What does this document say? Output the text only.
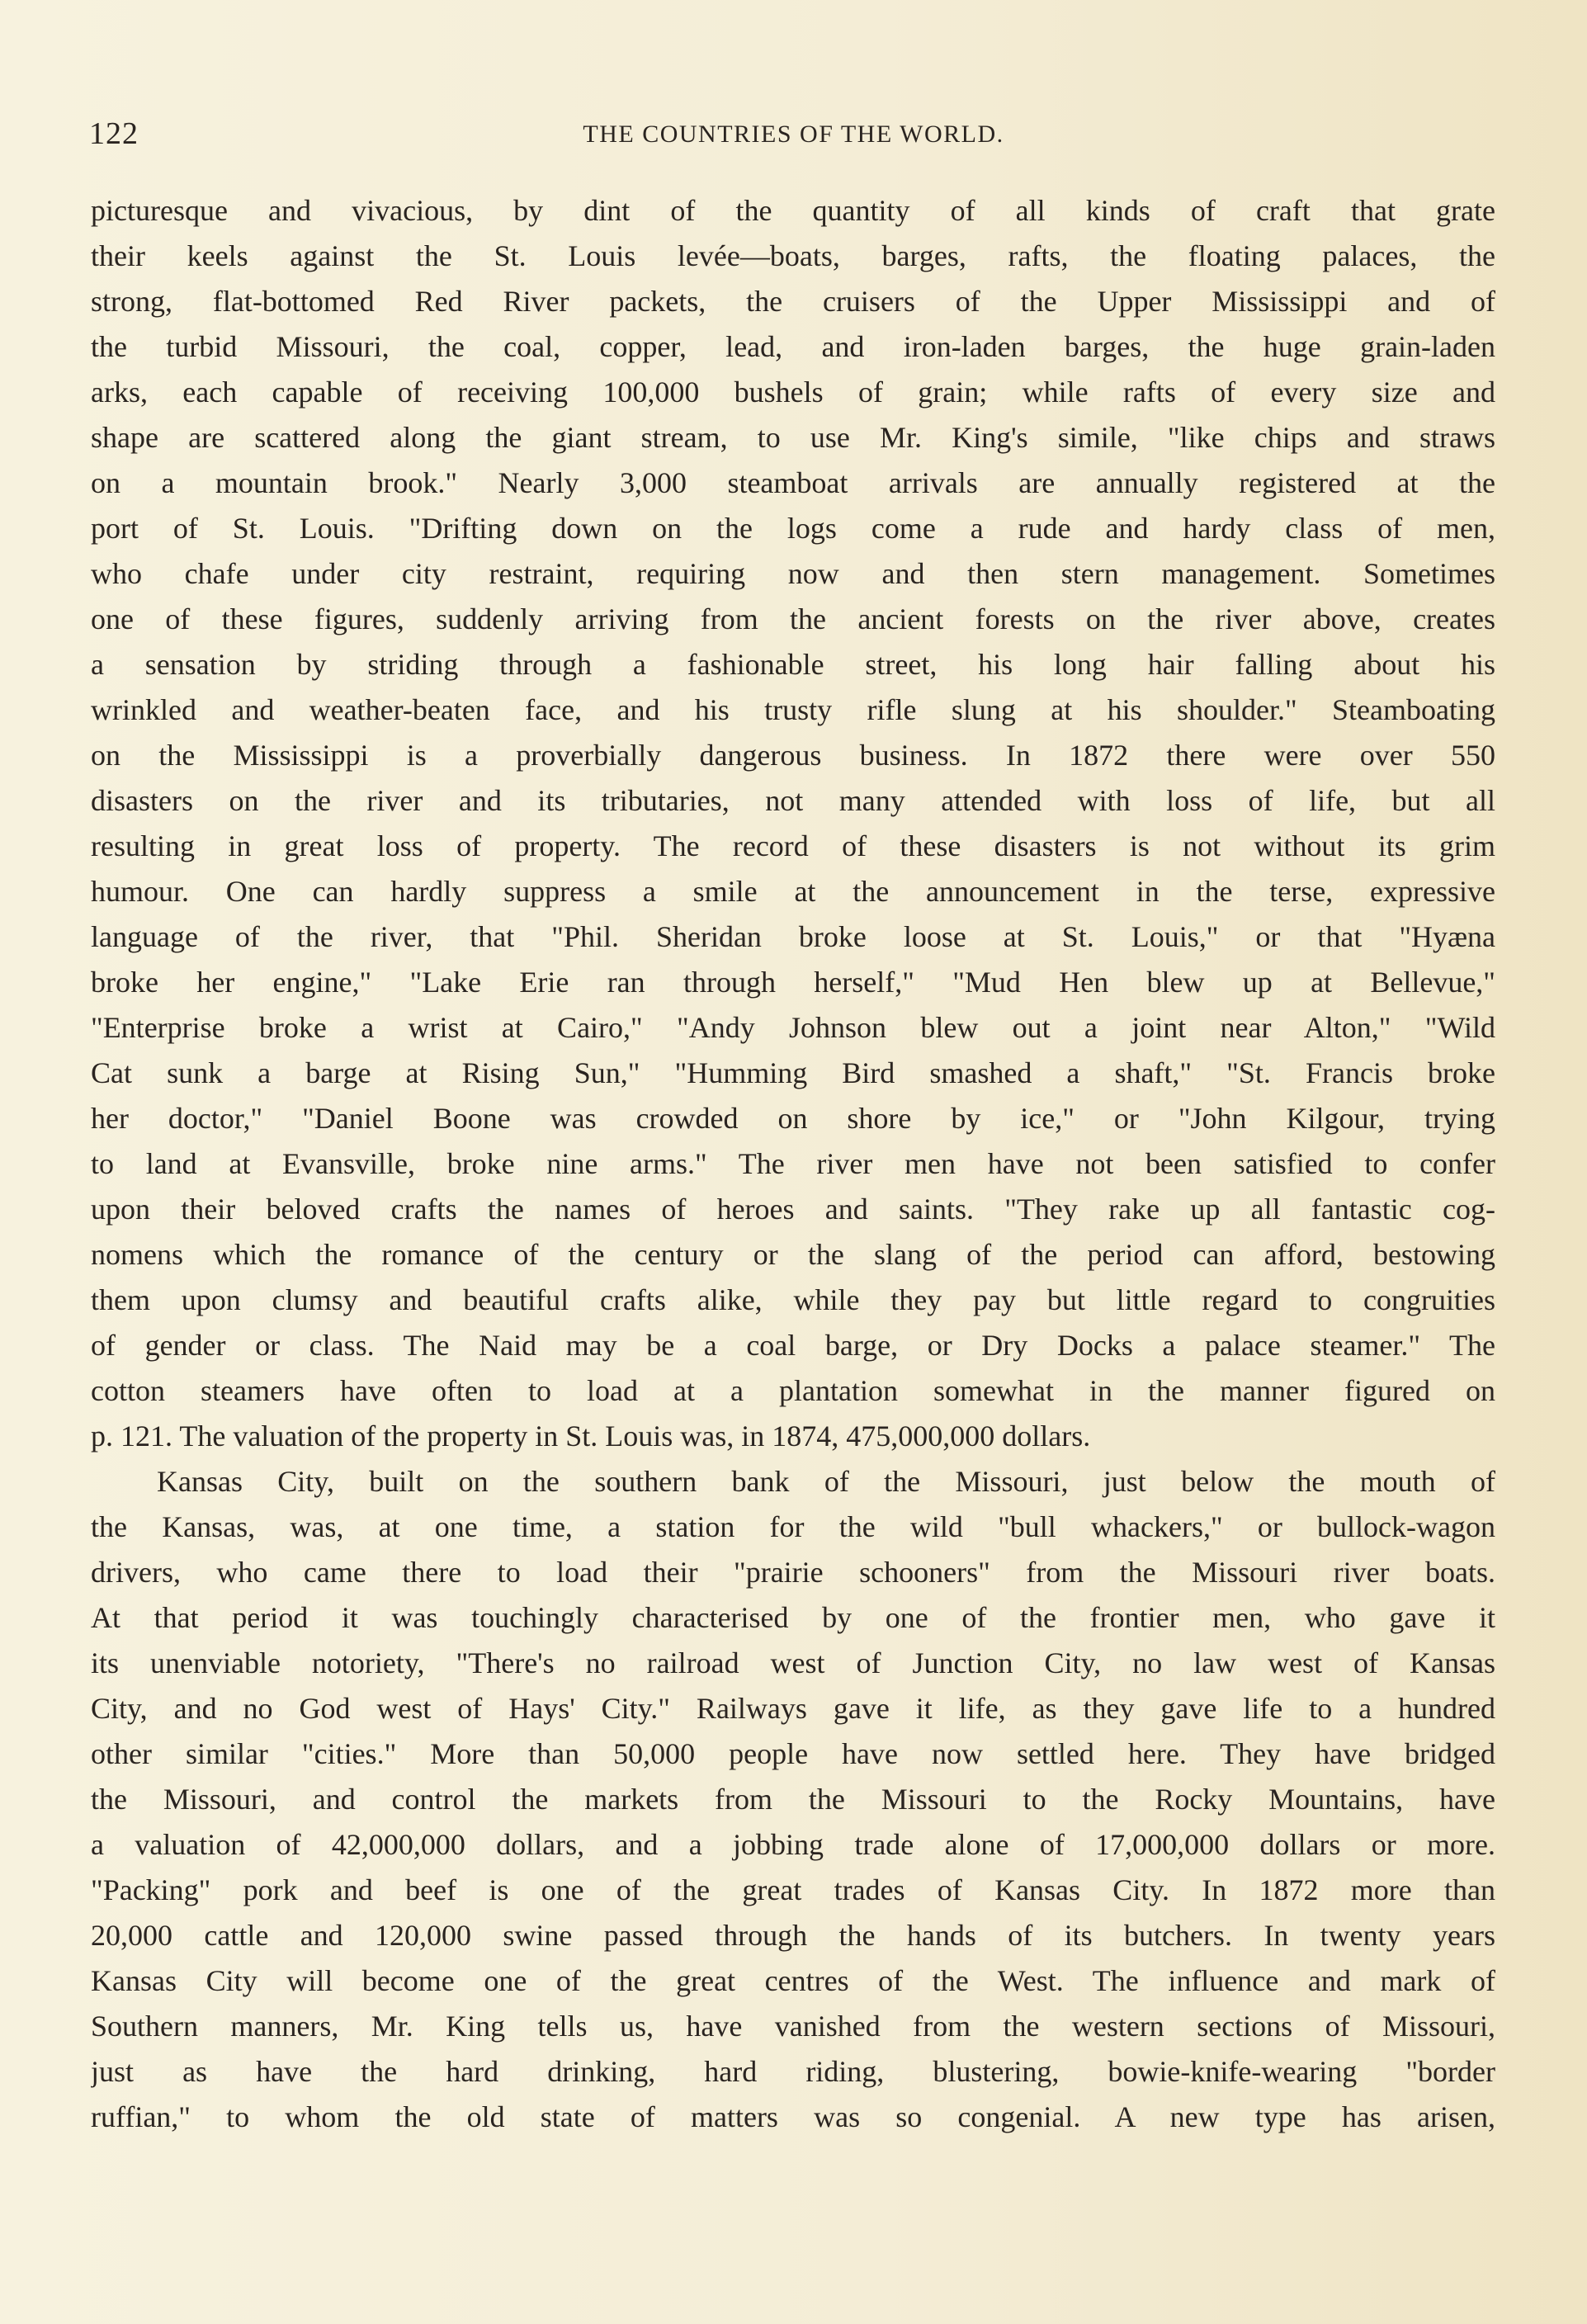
122	THE COUNTRIES OF THE WORLD.
picturesque and vivacious, by dint of the quantity of all kinds of craft that grate
their keels against the St. Louis levée—boats, barges, rafts, the floating palaces, the
strong, flat-bottomed Red River packets, the cruisers of the Upper Mississippi and of
the turbid Missouri, the coal, copper, lead, and iron-laden barges, the huge grain-laden
arks, each capable of receiving 100,000 bushels of grain; while rafts of every size and
shape are scattered along the giant stream, to use Mr. King's simile, "like chips and straws
on a mountain brook." Nearly 3,000 steamboat arrivals are annually registered at the
port of St. Louis. "Drifting down on the logs come a rude and hardy class of men,
who chafe under city restraint, requiring now and then stern management. Sometimes
one of these figures, suddenly arriving from the ancient forests on the river above, creates
a sensation by striding through a fashionable street, his long hair falling about his
wrinkled and weather-beaten face, and his trusty rifle slung at his shoulder." Steamboating
on the Mississippi is a proverbially dangerous business. In 1872 there were over 550
disasters on the river and its tributaries, not many attended with loss of life, but all
resulting in great loss of property. The record of these disasters is not without its grim
humour. One can hardly suppress a smile at the announcement in the terse, expressive
language of the river, that "Phil. Sheridan broke loose at St. Louis," or that "Hyæna
broke her engine," "Lake Erie ran through herself," "Mud Hen blew up at Bellevue,"
"Enterprise broke a wrist at Cairo," "Andy Johnson blew out a joint near Alton," "Wild
Cat sunk a barge at Rising Sun," "Humming Bird smashed a shaft," "St. Francis broke
her doctor," "Daniel Boone was crowded on shore by ice," or "John Kilgour, trying
to land at Evansville, broke nine arms." The river men have not been satisfied to confer
upon their beloved crafts the names of heroes and saints. "They rake up all fantastic cog-
nomens which the romance of the century or the slang of the period can afford, bestowing
them upon clumsy and beautiful crafts alike, while they pay but little regard to congruities
of gender or class. The Naid may be a coal barge, or Dry Docks a palace steamer." The
cotton steamers have often to load at a plantation somewhat in the manner figured on
p. 121. The valuation of the property in St. Louis was, in 1874, 475,000,000 dollars.
Kansas City, built on the southern bank of the Missouri, just below the mouth of
the Kansas, was, at one time, a station for the wild "bull whackers," or bullock-wagon
drivers, who came there to load their "prairie schooners" from the Missouri river boats.
At that period it was touchingly characterised by one of the frontier men, who gave it
its unenviable notoriety, "There's no railroad west of Junction City, no law west of Kansas
City, and no God west of Hays' City." Railways gave it life, as they gave life to a hundred
other similar "cities." More than 50,000 people have now settled here. They have bridged
the Missouri, and control the markets from the Missouri to the Rocky Mountains, have
a valuation of 42,000,000 dollars, and a jobbing trade alone of 17,000,000 dollars or more.
"Packing" pork and beef is one of the great trades of Kansas City. In 1872 more than
20,000 cattle and 120,000 swine passed through the hands of its butchers. In twenty years
Kansas City will become one of the great centres of the West. The influence and mark of
Southern manners, Mr. King tells us, have vanished from the western sections of Missouri,
just as have the hard drinking, hard riding, blustering, bowie-knife-wearing "border
ruffian," to whom the old state of matters was so congenial. A new type has arisen,
